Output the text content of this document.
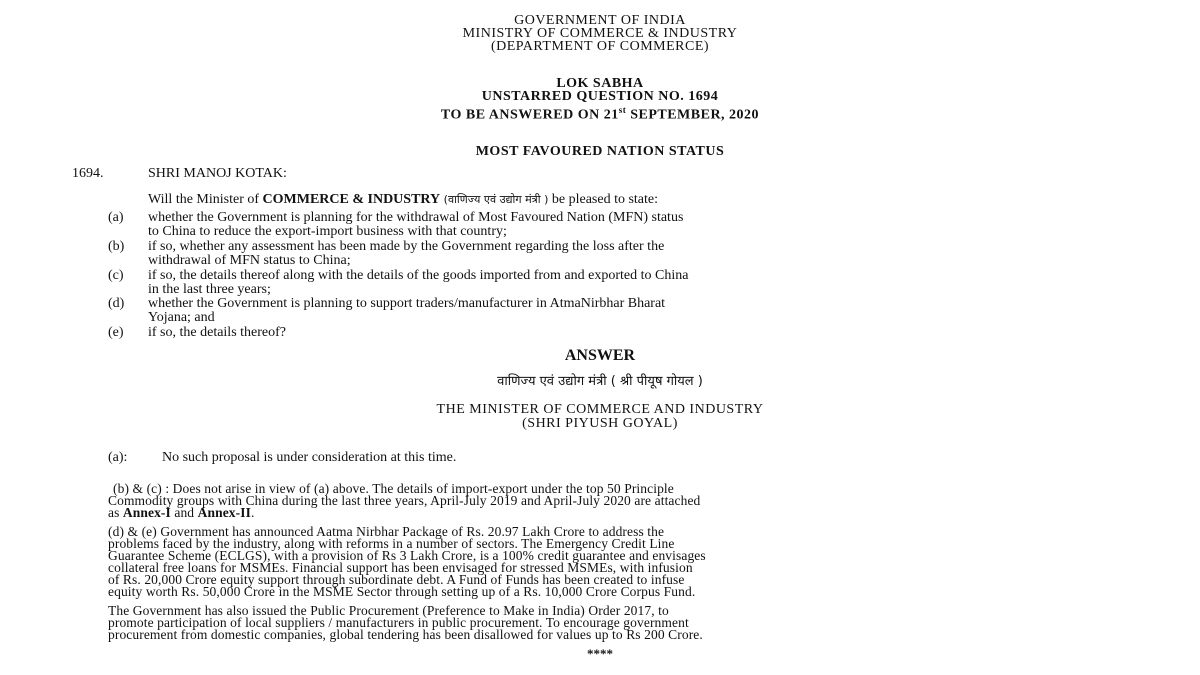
GOVERNMENT OF INDIA
MINISTRY OF COMMERCE & INDUSTRY
(DEPARTMENT OF COMMERCE)
LOK SABHA
UNSTARRED QUESTION NO. 1694
TO BE ANSWERED ON 21st SEPTEMBER, 2020
MOST FAVOURED NATION STATUS
1694.	SHRI MANOJ KOTAK:
Will the Minister of COMMERCE & INDUSTRY (वाणिज्य एवं उद्योग मंत्री ) be pleased to state:
(a) whether the Government is planning for the withdrawal of Most Favoured Nation (MFN) status
to China to reduce the export-import business with that country;
(b) if so, whether any assessment has been made by the Government regarding the loss after the
withdrawal of MFN status to China;
(c) if so, the details thereof along with the details of the goods imported from and exported to China
in the last three years;
(d) whether the Government is planning to support traders/manufacturer in AtmaNirbhar Bharat
Yojana; and
(e) if so, the details thereof?
ANSWER
वाणिज्य एवं उद्योग मंत्री ( श्री पीयूष गोयल )
THE MINISTER OF COMMERCE AND INDUSTRY
(SHRI PIYUSH GOYAL)
(a): No such proposal is under consideration at this time.
(b) & (c) : Does not arise in view of (a) above. The details of import-export under the top 50 Principle
Commodity groups with China during the last three years, April-July 2019 and April-July 2020 are attached
as Annex-I and Annex-II.
(d) & (e) Government has announced Aatma Nirbhar Package of Rs. 20.97 Lakh Crore to address the
problems faced by the industry, along with reforms in a number of sectors. The Emergency Credit Line
Guarantee Scheme (ECLGS), with a provision of Rs 3 Lakh Crore, is a 100% credit guarantee and envisages
collateral free loans for MSMEs. Financial support has been envisaged for stressed MSMEs, with infusion
of Rs. 20,000 Crore equity support through subordinate debt. A Fund of Funds has been created to infuse
equity worth Rs. 50,000 Crore in the MSME Sector through setting up of a Rs. 10,000 Crore Corpus Fund.
The Government has also issued the Public Procurement (Preference to Make in India) Order 2017, to
promote participation of local suppliers / manufacturers in public procurement. To encourage government
procurement from domestic companies, global tendering has been disallowed for values up to Rs 200 Crore.
****
